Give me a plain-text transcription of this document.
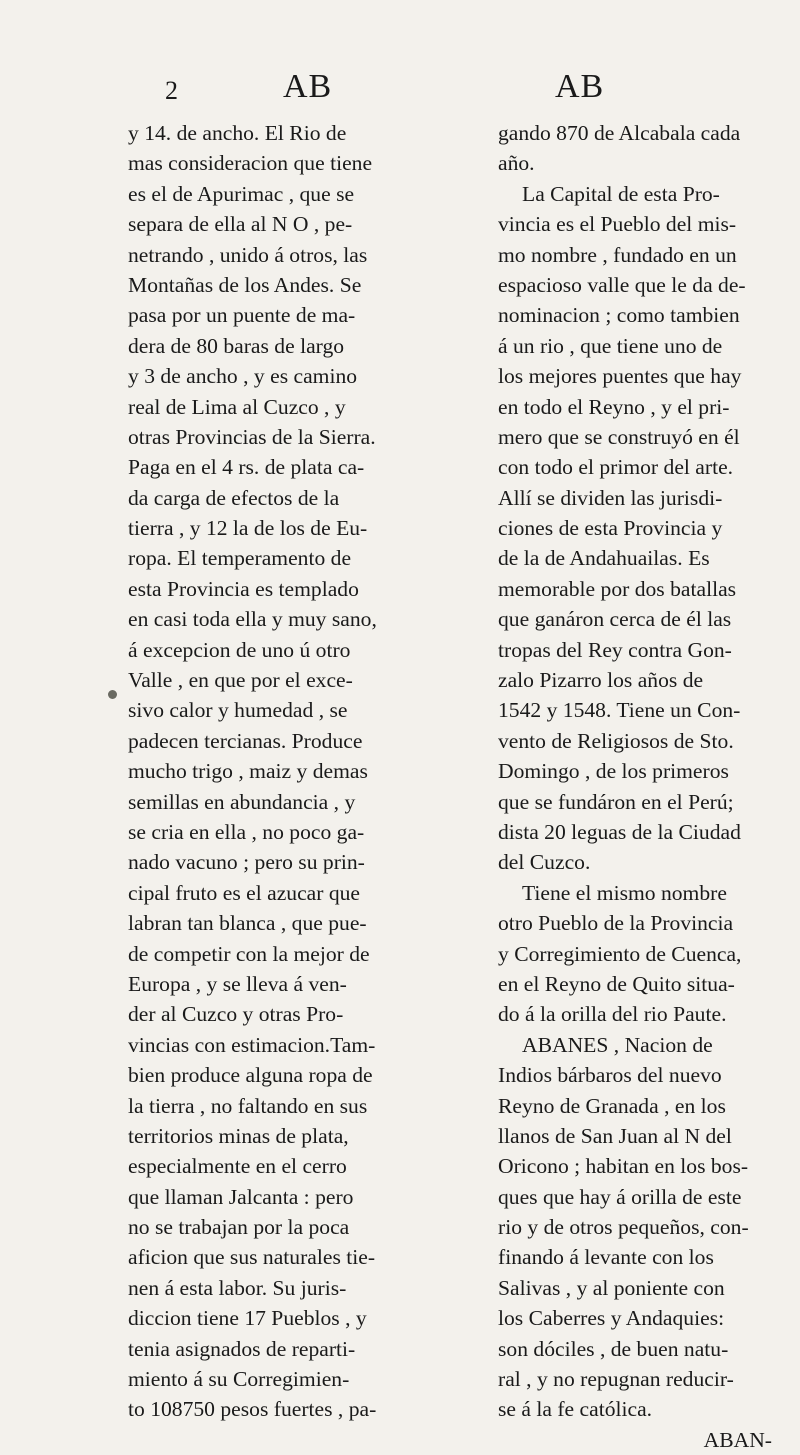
2	AB	AB
y 14. de ancho. El Rio de
mas consideracion que tiene
es el de Apurimac , que se
separa de ella al N O , pe-
netrando , unido á otros, las
Montañas de los Andes. Se
pasa por un puente de ma-
dera de 80 baras de largo
y 3 de ancho , y es camino
real de Lima al Cuzco , y
otras Provincias de la Sierra.
Paga en el 4 rs. de plata ca-
da carga de efectos de la
tierra , y 12 la de los de Eu-
ropa. El temperamento de
esta Provincia es templado
en casi toda ella y muy sano,
á excepcion de uno ú otro
Valle , en que por el exce-
sivo calor y humedad , se
padecen tercianas. Produce
mucho trigo , maiz y demas
semillas en abundancia , y
se cria en ella , no poco ga-
nado vacuno ; pero su prin-
cipal fruto es el azucar que
labran tan blanca , que pue-
de competir con la mejor de
Europa , y se lleva á ven-
der al Cuzco y otras Pro-
vincias con estimacion.Tam-
bien produce alguna ropa de
la tierra , no faltando en sus
territorios minas de plata,
especialmente en el cerro
que llaman Jalcanta : pero
no se trabajan por la poca
aficion que sus naturales tie-
nen á esta labor. Su juris-
diccion tiene 17 Pueblos , y
tenia asignados de reparti-
miento á su Corregimien-
to 108750 pesos fuertes , pa-
gando 870 de Alcabala cada
año.
La Capital de esta Pro-
vincia es el Pueblo del mis-
mo nombre , fundado en un
espacioso valle que le da de-
nominacion ; como tambien
á un rio , que tiene uno de
los mejores puentes que hay
en todo el Reyno , y el pri-
mero que se construyó en él
con todo el primor del arte.
Allí se dividen las jurisdi-
ciones de esta Provincia y
de la de Andahuailas. Es
memorable por dos batallas
que ganáron cerca de él las
tropas del Rey contra Gon-
zalo Pizarro los años de
1542 y 1548. Tiene un Con-
vento de Religiosos de Sto.
Domingo , de los primeros
que se fundáron en el Perú;
dista 20 leguas de la Ciudad
del Cuzco.
Tiene el mismo nombre
otro Pueblo de la Provincia
y Corregimiento de Cuenca,
en el Reyno de Quito situa-
do á la orilla del rio Paute.
ABANES , Nacion de
Indios bárbaros del nuevo
Reyno de Granada , en los
llanos de San Juan al N del
Oricono ; habitan en los bos-
ques que hay á orilla de este
rio y de otros pequeños, con-
finando á levante con los
Salivas , y al poniente con
los Caberres y Andaquies:
son dóciles , de buen natu-
ral , y no repugnan reducir-
se á la fe católica.
ABAN-
